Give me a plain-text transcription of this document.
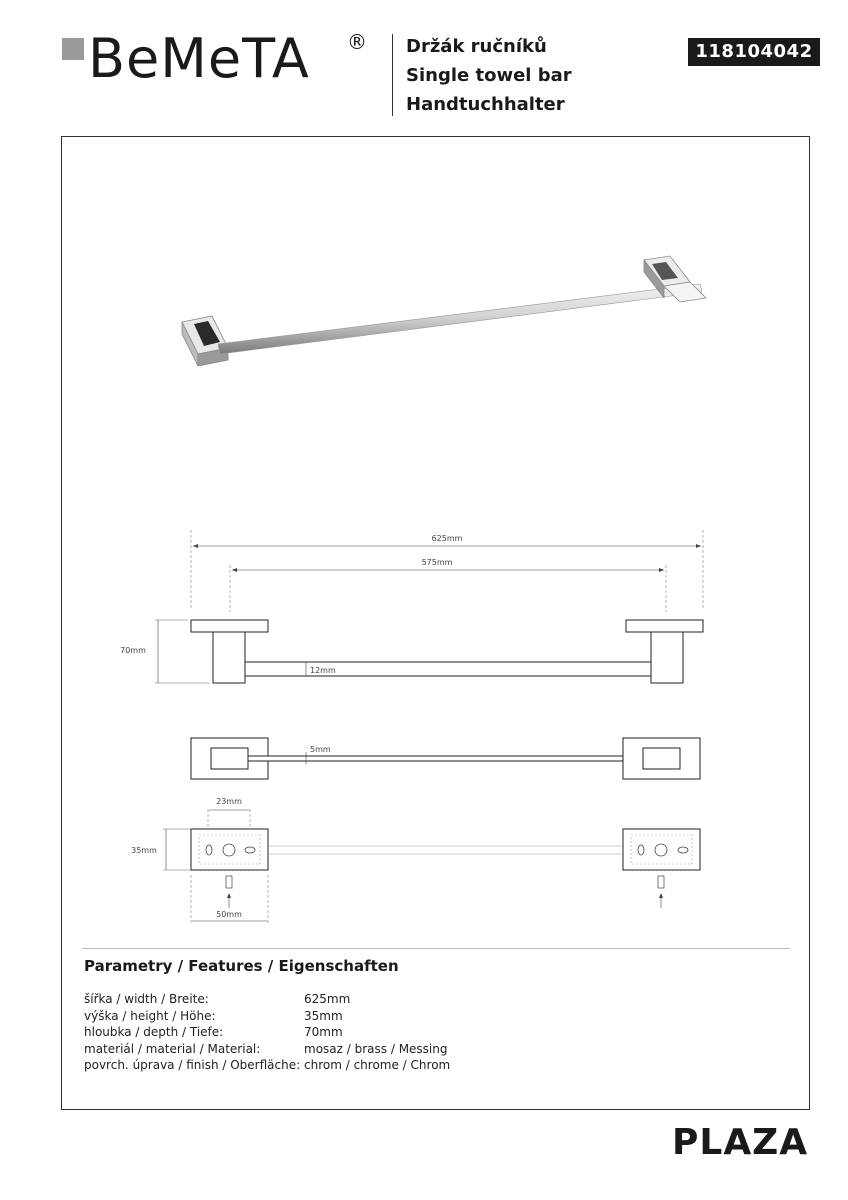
BeMeTA ® Držák ručníků
Single towel bar
Handtuchhalter
118104042
625mm
575mm
70mm
12mm
5mm
23mm
35mm
50mm
Parametry / Features / Eigenschaften
šířka / width / Breite:	625mm
výška / height / Höhe:	35mm
hloubka / depth / Tiefe:	70mm
materiál / material / Material:	mosaz / brass / Messing
povrch. úprava / finish / Oberfläche: chrom / chrome / Chrom
PLAZA
